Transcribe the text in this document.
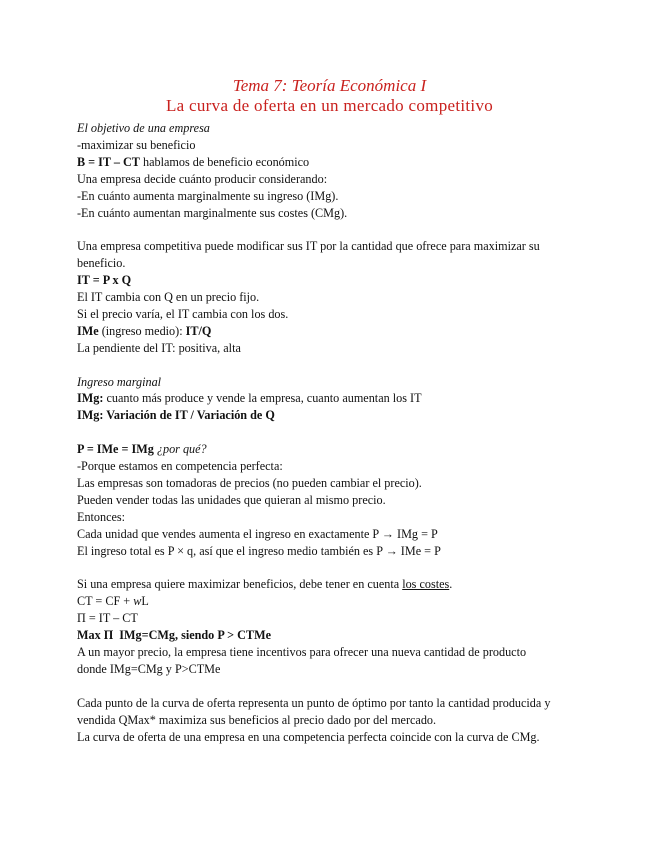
Tema 7: Teoría Económica I

La curva de oferta en un mercado competitivo

El objetivo de una empresa

-maximizar su beneficio

B = IT – CT hablamos de beneficio económico

Una empresa decide cuánto producir considerando:

-En cuánto aumenta marginalmente su ingreso (IMg).

-En cuánto aumentan marginalmente sus costes (CMg).

Una empresa competitiva puede modificar sus IT por la cantidad que ofrece para maximizar su

beneficio.

IT = P x Q

El IT cambia con Q en un precio fijo.

Si el precio varía, el IT cambia con los dos.

IMe (ingreso medio): IT/Q

La pendiente del IT: positiva, alta

Ingreso marginal

IMg: cuanto más produce y vende la empresa, cuanto aumentan los IT

IMg: Variación de IT / Variación de Q

P = IMe = IMg ¿por qué?

-Porque estamos en competencia perfecta:

Las empresas son tomadoras de precios (no pueden cambiar el precio).

Pueden vender todas las unidades que quieran al mismo precio.

Entonces:

Cada unidad que vendes aumenta el ingreso en exactamente P → IMg = P

El ingreso total es P × q, así que el ingreso medio también es P → IMe = P

Si una empresa quiere maximizar beneficios, debe tener en cuenta los costes.

CT = CF + wL

Π = IT – CT

Max Π  IMg=CMg, siendo P > CTMe

A un mayor precio, la empresa tiene incentivos para ofrecer una nueva cantidad de producto

donde IMg=CMg y P>CTMe

Cada punto de la curva de oferta representa un punto de óptimo por tanto la cantidad producida y

vendida QMax* maximiza sus beneficios al precio dado por del mercado.

La curva de oferta de una empresa en una competencia perfecta coincide con la curva de CMg.
